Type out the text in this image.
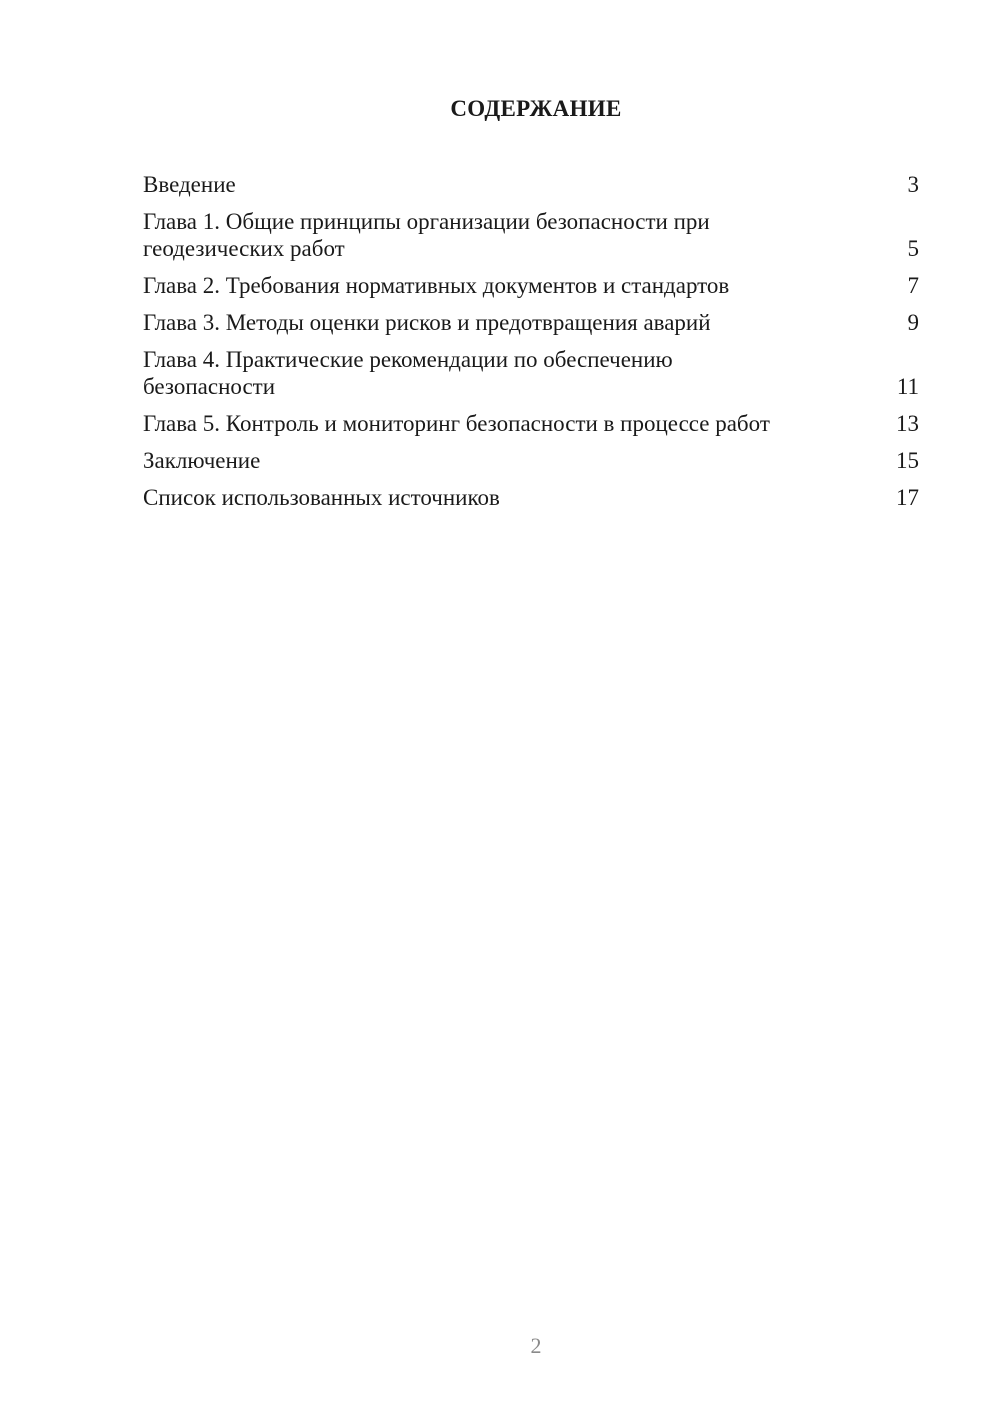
СОДЕРЖАНИЕ
Введение	3
Глава 1. Общие принципы организации безопасности при геодезических работ	5
Глава 2. Требования нормативных документов и стандартов	7
Глава 3. Методы оценки рисков и предотвращения аварий	9
Глава 4. Практические рекомендации по обеспечению безопасности	11
Глава 5. Контроль и мониторинг безопасности в процессе работ	13
Заключение	15
Список использованных источников	17
2
